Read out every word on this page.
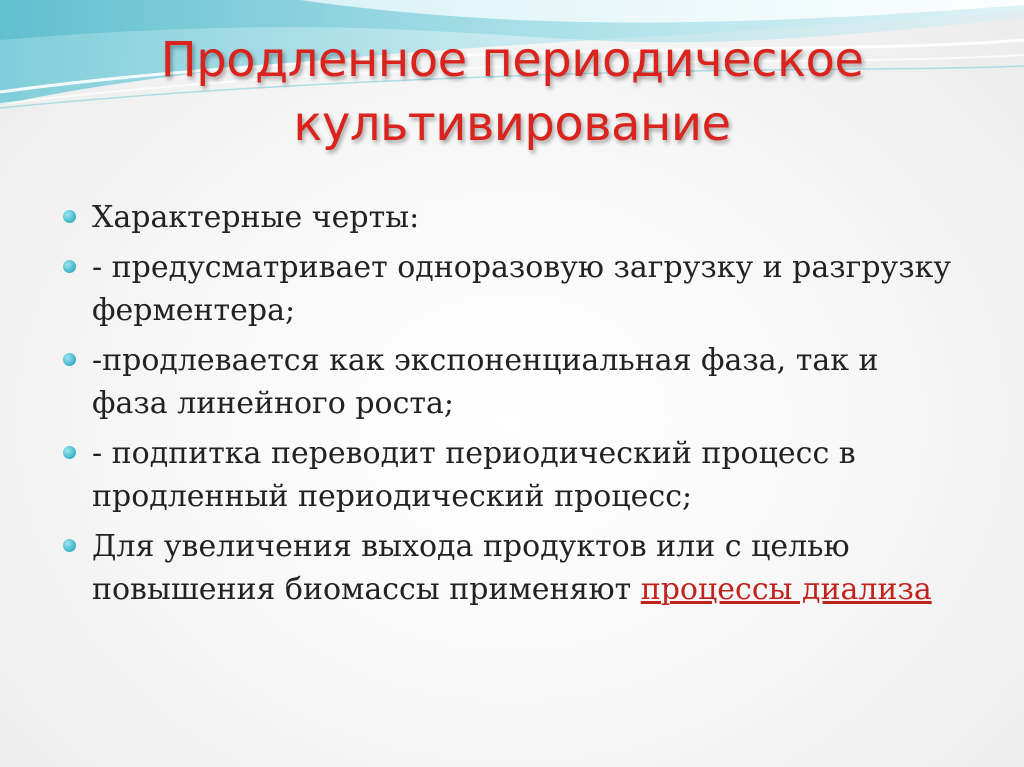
Продленное периодическое
культивирование
Характерные черты:
- предусматривает одноразовую загрузку и разгрузку ферментера;
-продлевается как экспоненциальная фаза, так и фаза линейного роста;
- подпитка переводит периодический процесс в продленный периодический процесс;
Для увеличения выхода продуктов или с целью повышения биомассы применяют процессы диализа
